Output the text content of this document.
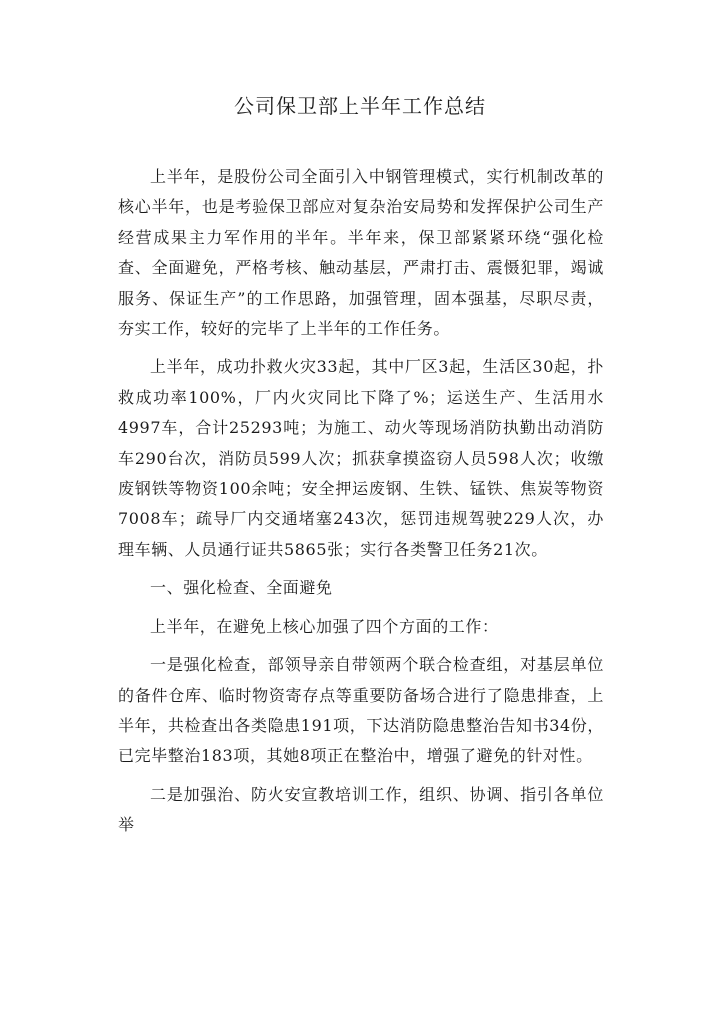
公司保卫部上半年工作总结

上半年，是股份公司全面引入中钢管理模式，实行机制改革的核心半年，也是考验保卫部应对复杂治安局势和发挥保护公司生产经营成果主力军作用的半年。半年来，保卫部紧紧环绕“强化检查、全面避免，严格考核、触动基层，严肃打击、震慑犯罪，竭诚服务、保证生产”的工作思路，加强管理，固本强基，尽职尽责，夯实工作，较好的完毕了上半年的工作任务。

上半年，成功扑救火灾33起，其中厂区3起，生活区30起，扑救成功率100%，厂内火灾同比下降了%；运送生产、生活用水4997车，合计25293吨；为施工、动火等现场消防执勤出动消防车290台次，消防员599人次；抓获拿摸盗窃人员598人次；收缴废钢铁等物资100余吨；安全押运废钢、生铁、锰铁、焦炭等物资7008车；疏导厂内交通堵塞243次，惩罚违规驾驶229人次，办理车辆、人员通行证共5865张；实行各类警卫任务21次。

一、强化检查、全面避免

上半年，在避免上核心加强了四个方面的工作：

一是强化检查，部领导亲自带领两个联合检查组，对基层单位的备件仓库、临时物资寄存点等重要防备场合进行了隐患排查，上半年，共检查出各类隐患191项，下达消防隐患整治告知书34份，已完毕整治183项，其她8项正在整治中，增强了避免的针对性。

二是加强治、防火安宣教培训工作，组织、协调、指引各单位举
